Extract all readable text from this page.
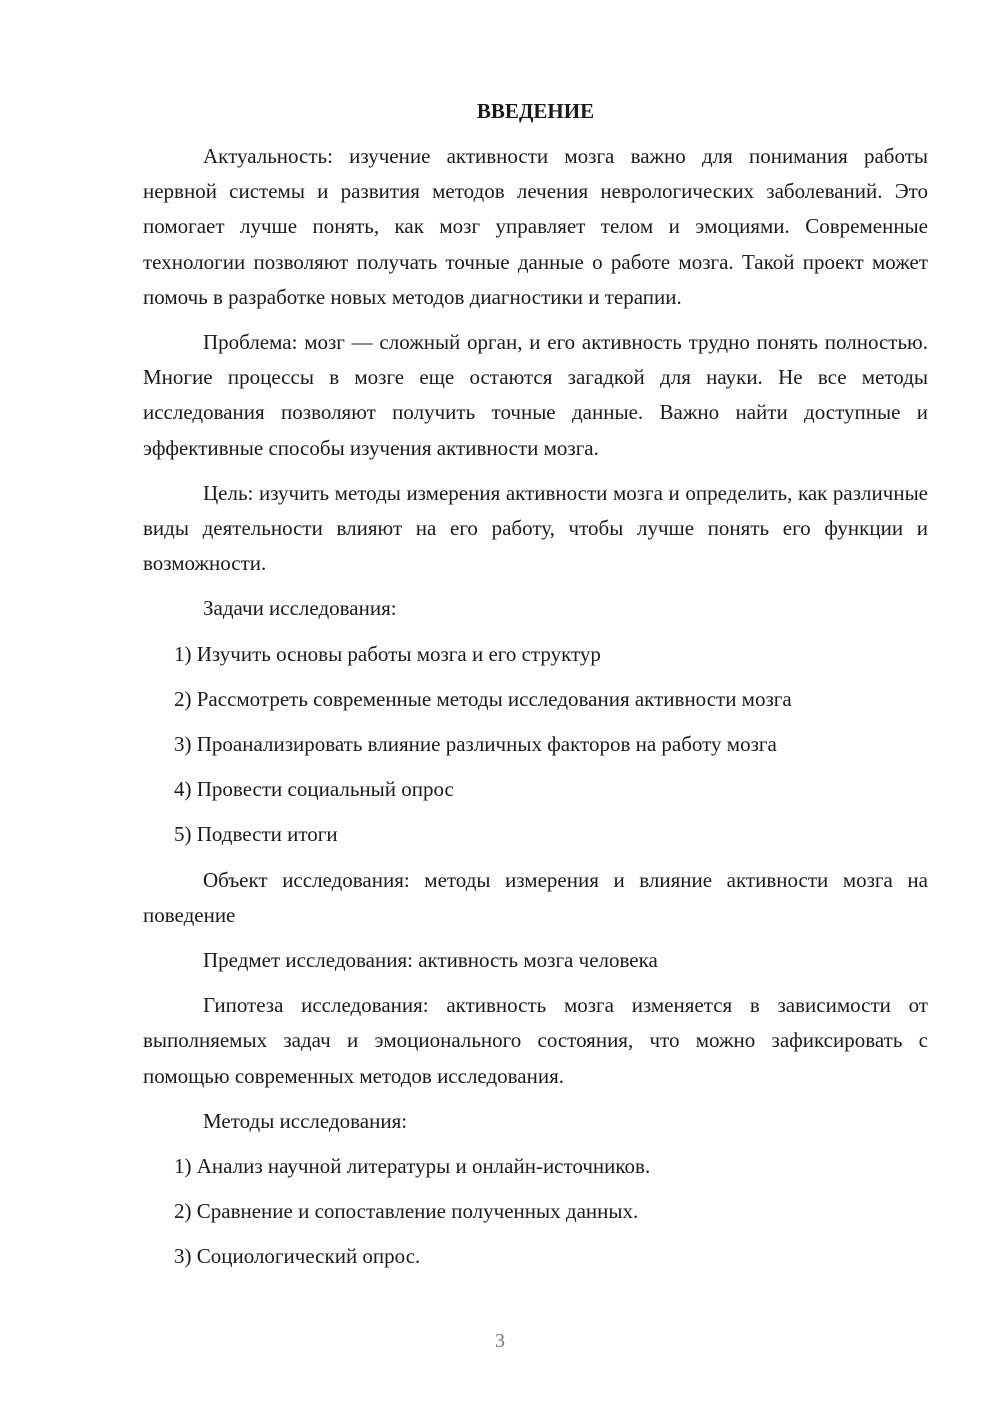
ВВЕДЕНИЕ

Актуальность: изучение активности мозга важно для понимания работы нервной системы и развития методов лечения неврологических заболеваний. Это помогает лучше понять, как мозг управляет телом и эмоциями. Современные технологии позволяют получать точные данные о работе мозга. Такой проект может помочь в разработке новых методов диагностики и терапии.

Проблема: мозг — сложный орган, и его активность трудно понять полностью. Многие процессы в мозге еще остаются загадкой для науки. Не все методы исследования позволяют получить точные данные. Важно найти доступные и эффективные способы изучения активности мозга.

Цель: изучить методы измерения активности мозга и определить, как различные виды деятельности влияют на его работу, чтобы лучше понять его функции и возможности.

Задачи исследования:
1) Изучить основы работы мозга и его структур
2) Рассмотреть современные методы исследования активности мозга
3) Проанализировать влияние различных факторов на работу мозга
4) Провести социальный опрос
5) Подвести итоги

Объект исследования: методы измерения и влияние активности мозга на поведение

Предмет исследования: активность мозга человека

Гипотеза исследования: активность мозга изменяется в зависимости от выполняемых задач и эмоционального состояния, что можно зафиксировать с помощью современных методов исследования.

Методы исследования:
1) Анализ научной литературы и онлайн-источников.
2) Сравнение и сопоставление полученных данных.
3) Социологический опрос.
3
